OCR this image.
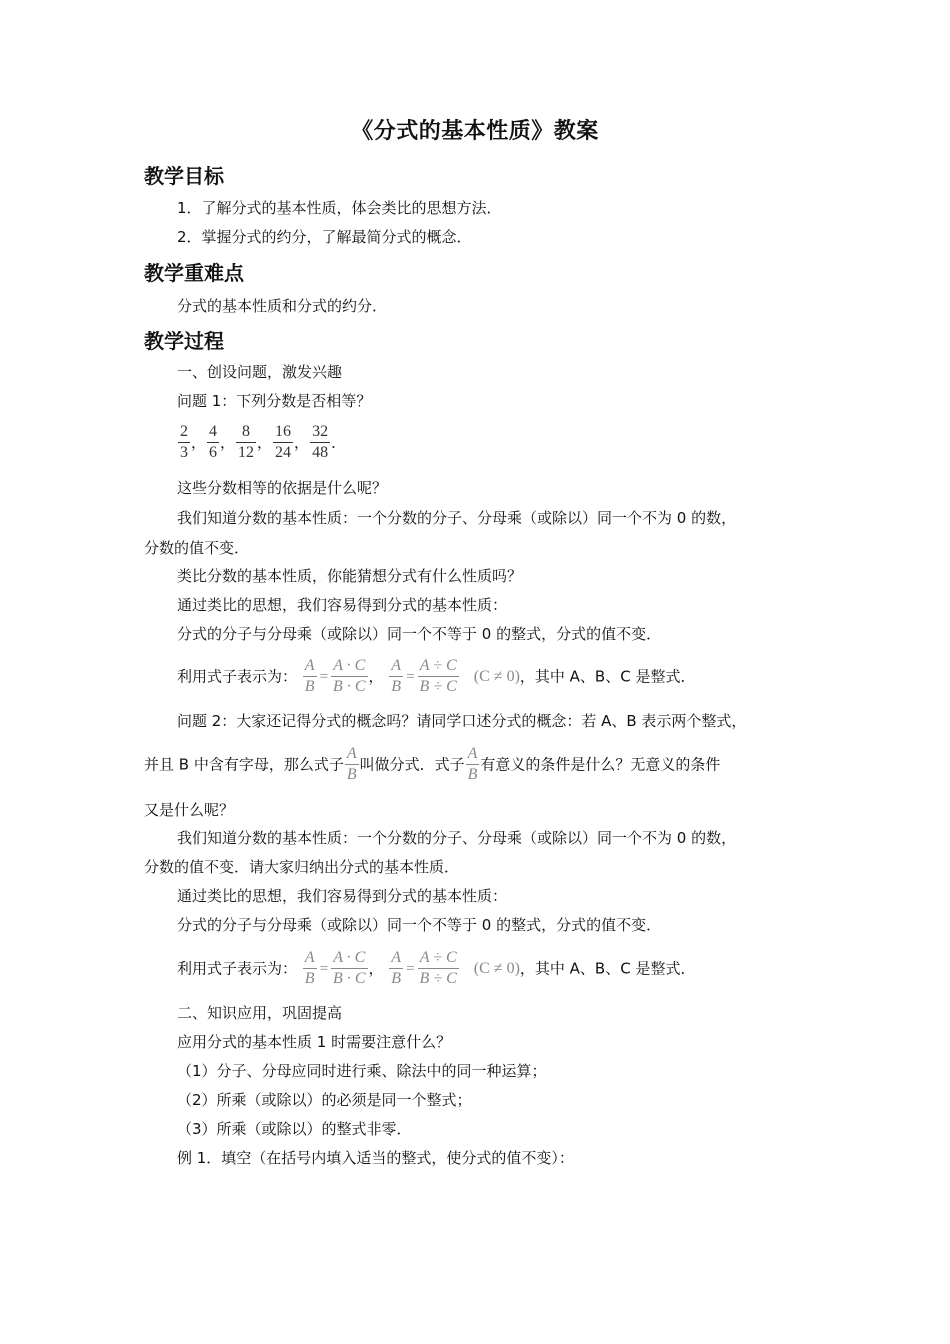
《分式的基本性质》教案
教学目标
1．了解分式的基本性质，体会类比的思想方法．
2．掌握分式的约分，了解最简分式的概念．
教学重难点
分式的基本性质和分式的约分．
教学过程
一、创设问题，激发兴趣
问题 1：下列分数是否相等？
$\frac{2}{3}$ ， $\frac{4}{6}$ ， $\frac{8}{12}$ ， $\frac{16}{24}$ ， $\frac{32}{48}$ ．
这些分数相等的依据是什么呢？
我们知道分数的基本性质：一个分数的分子、分母乘（或除以）同一个不为 0 的数，
分数的值不变．
类比分数的基本性质，你能猜想分式有什么性质吗？
通过类比的思想，我们容易得到分式的基本性质：
分式的分子与分母乘（或除以）同一个不等于 0 的整式，分式的值不变．
利用式子表示为： $\frac{A}{B} = \frac{A \cdot C}{B \cdot C}$ ， $\frac{A}{B} = \frac{A \div C}{B \div C} (C \ne 0)$，其中 A、B、C 是整式．
问题 2：大家还记得分式的概念吗？请同学口述分式的概念：若 A、B 表示两个整式，
并且 B 中含有字母，那么式子 $\frac{A}{B}$ 叫做分式．式子 $\frac{A}{B}$ 有意义的条件是什么？无意义的条件
又是什么呢？
我们知道分数的基本性质：一个分数的分子、分母乘（或除以）同一个不为 0 的数，
分数的值不变．请大家归纳出分式的基本性质．
通过类比的思想，我们容易得到分式的基本性质：
分式的分子与分母乘（或除以）同一个不等于 0 的整式，分式的值不变．
利用式子表示为： $\frac{A}{B} = \frac{A \cdot C}{B \cdot C}$ ， $\frac{A}{B} = \frac{A \div C}{B \div C} (C \ne 0)$，其中 A、B、C 是整式．
二、知识应用，巩固提高
应用分式的基本性质 1 时需要注意什么？
（1）分子、分母应同时进行乘、除法中的同一种运算；
（2）所乘（或除以）的必须是同一个整式；
（3）所乘（或除以）的整式非零．
例 1．填空（在括号内填入适当的整式，使分式的值不变）：
